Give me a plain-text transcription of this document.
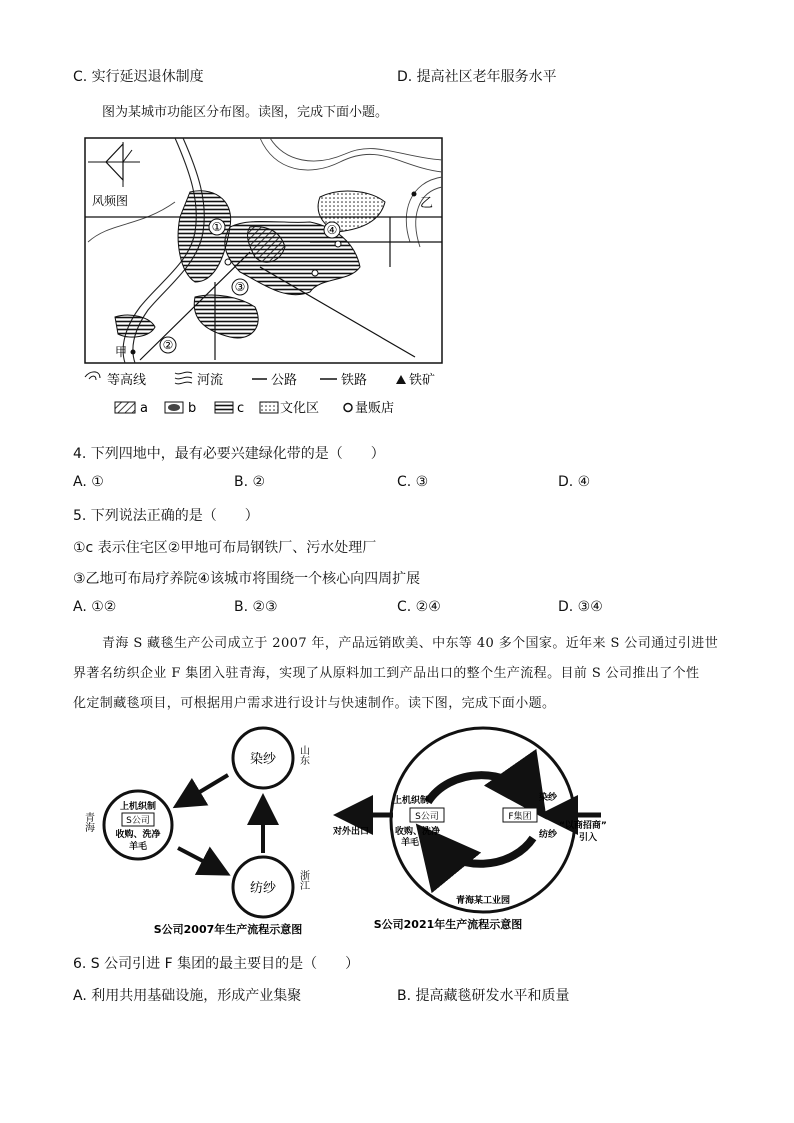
C. 实行延迟退休制度	D. 提高社区老年服务水平
图为某城市功能区分布图。读图，完成下面小题。
风频图
①
②
③
④
乙
甲
等高线	河流	公路	铁路	铁矿
a	b	c	文化区	量贩店
4. 下列四地中，最有必要兴建绿化带的是（　　）
A. ①	B. ②	C. ③	D. ④
5. 下列说法正确的是（　　）
①c 表示住宅区②甲地可布局钢铁厂、污水处理厂
③乙地可布局疗养院④该城市将围绕一个核心向四周扩展
A. ①②	B. ②③	C. ②④	D. ③④
青海 S 藏毯生产公司成立于 2007 年，产品远销欧美、中东等 40 多个国家。近年来 S 公司通过引进世
界著名纺织企业 F 集团入驻青海，实现了从原料加工到产品出口的整个生产流程。目前 S 公司推出了个性
化定制藏毯项目，可根据用户需求进行设计与快速制作。读下图，完成下面小题。
染纱 山东
纺纱 浙江
上机织制
S公司
收购、洗净
羊毛
青海
S公司2007年生产流程示意图
S公司	F集团
染纱
纺纱
上机织制
收购、洗净
羊毛
对外出口
“以商招商”
引入
青海某工业园
S公司2021年生产流程示意图
6. S 公司引进 F 集团的最主要目的是（　　）
A. 利用共用基础设施，形成产业集聚	B. 提高藏毯研发水平和质量
